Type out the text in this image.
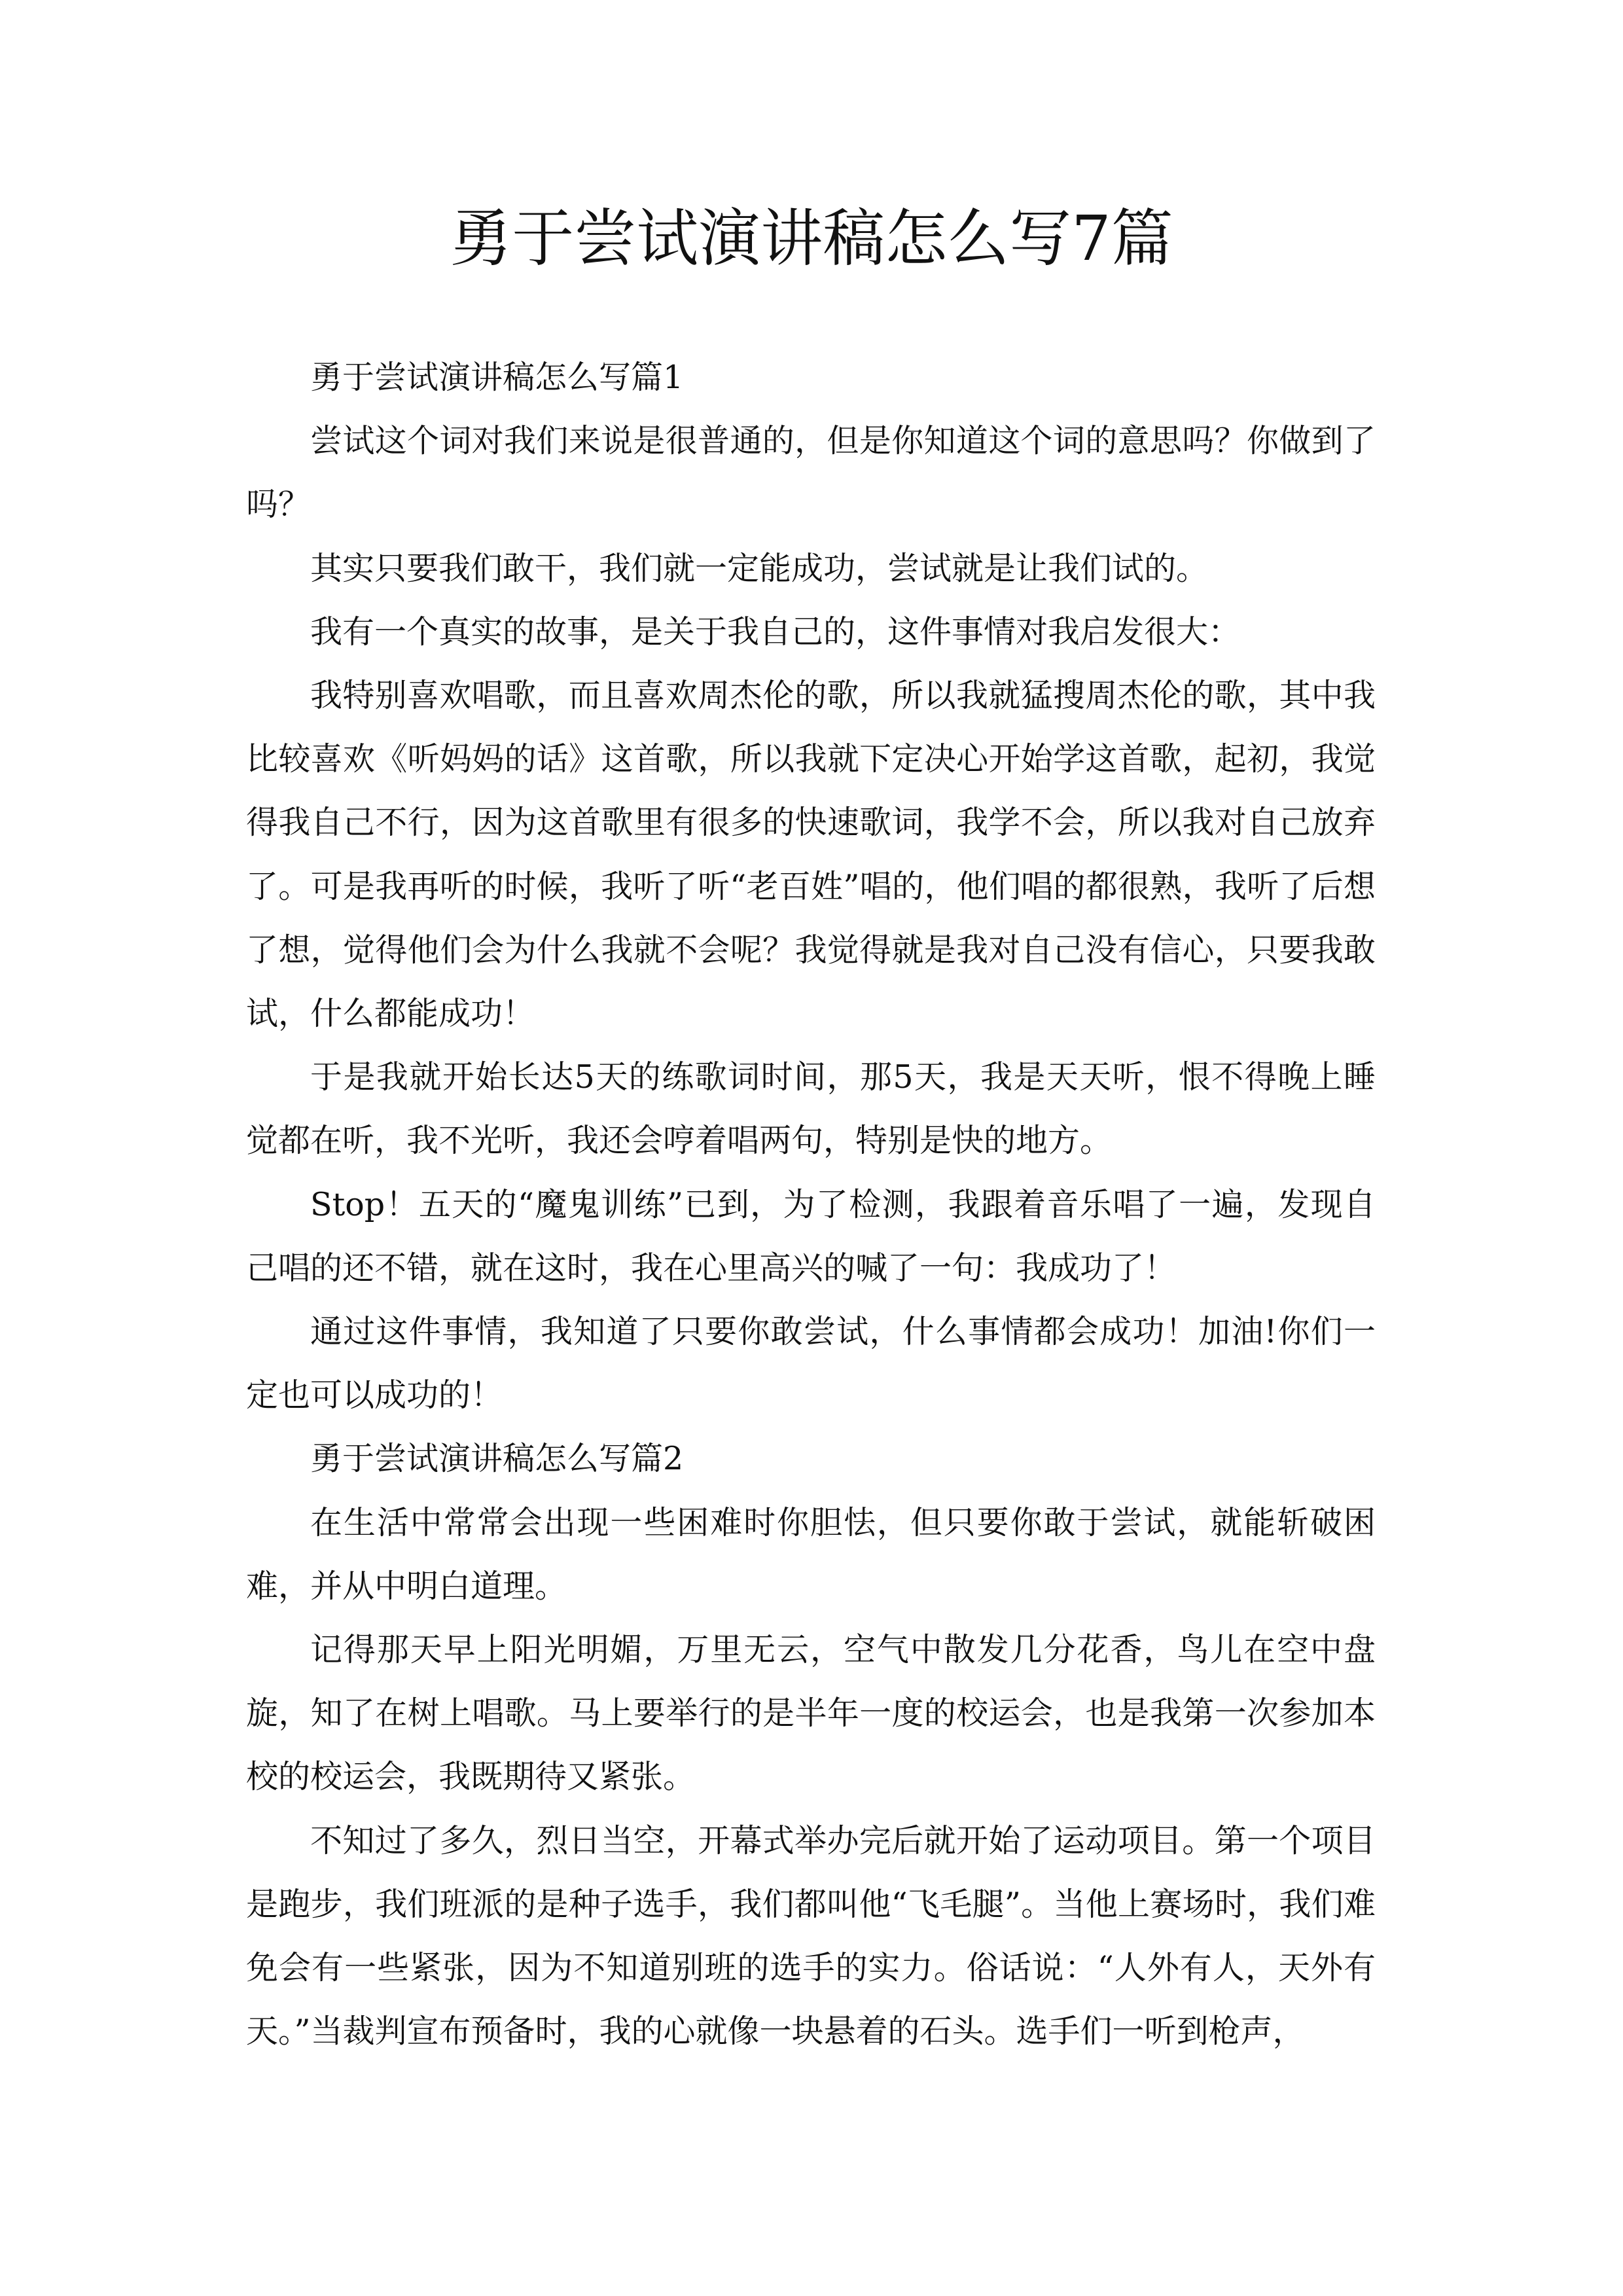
勇于尝试演讲稿怎么写7篇
勇于尝试演讲稿怎么写篇1

尝试这个词对我们来说是很普通的，但是你知道这个词的意思吗？你做到了吗？

其实只要我们敢干，我们就一定能成功，尝试就是让我们试的。

我有一个真实的故事，是关于我自己的，这件事情对我启发很大：

我特别喜欢唱歌，而且喜欢周杰伦的歌，所以我就猛搜周杰伦的歌，其中我比较喜欢《听妈妈的话》这首歌，所以我就下定决心开始学这首歌，起初，我觉得我自己不行，因为这首歌里有很多的快速歌词，我学不会，所以我对自己放弃了。可是我再听的时候，我听了听“老百姓”唱的，他们唱的都很熟，我听了后想了想，觉得他们会为什么我就不会呢？我觉得就是我对自己没有信心，只要我敢试，什么都能成功！

于是我就开始长达5天的练歌词时间，那5天，我是天天听，恨不得晚上睡觉都在听，我不光听，我还会哼着唱两句，特别是快的地方。

Stop！五天的“魔鬼训练”已到，为了检测，我跟着音乐唱了一遍，发现自己唱的还不错，就在这时，我在心里高兴的喊了一句：我成功了！

通过这件事情，我知道了只要你敢尝试，什么事情都会成功！加油!你们一定也可以成功的！

勇于尝试演讲稿怎么写篇2

在生活中常常会出现一些困难时你胆怯，但只要你敢于尝试，就能斩破困难，并从中明白道理。

记得那天早上阳光明媚，万里无云，空气中散发几分花香，鸟儿在空中盘旋，知了在树上唱歌。马上要举行的是半年一度的校运会，也是我第一次参加本校的校运会，我既期待又紧张。

不知过了多久，烈日当空，开幕式举办完后就开始了运动项目。第一个项目是跑步，我们班派的是种子选手，我们都叫他“飞毛腿”。当他上赛场时，我们难免会有一些紧张，因为不知道别班的选手的实力。俗话说：“人外有人，天外有天。”当裁判宣布预备时，我的心就像一块悬着的石头。选手们一听到枪声，
